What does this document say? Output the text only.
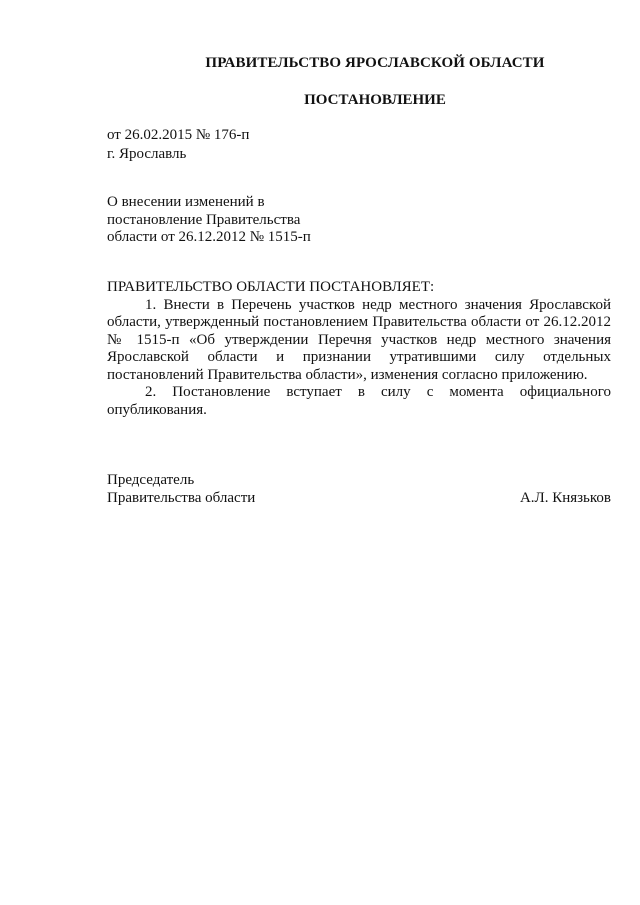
ПРАВИТЕЛЬСТВО ЯРОСЛАВСКОЙ ОБЛАСТИ
ПОСТАНОВЛЕНИЕ
от 26.02.2015 № 176-п
г. Ярославль
О внесении изменений в
постановление Правительства
области от 26.12.2012 № 1515-п
ПРАВИТЕЛЬСТВО ОБЛАСТИ ПОСТАНОВЛЯЕТ:

1. Внести в Перечень участков недр местного значения Ярославской области, утвержденный постановлением Правительства области от 26.12.2012 № 1515-п «Об утверждении Перечня участков недр местного значения Ярославской области и признании утратившими силу отдельных постановлений Правительства области», изменения согласно приложению.

2. Постановление вступает в силу с момента официального опубликования.

Председатель
Правительства области	А.Л. Князьков
